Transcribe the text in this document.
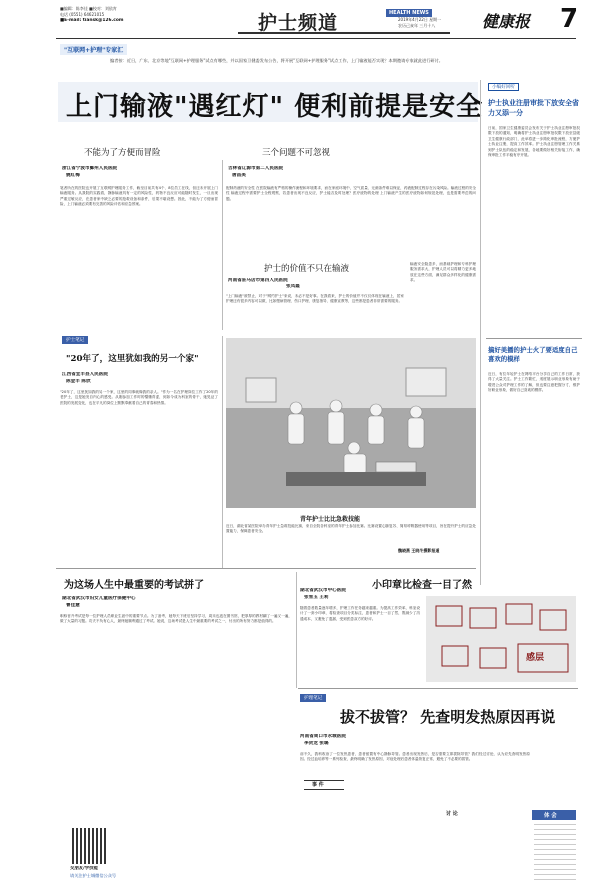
■编辑：陈李佳 ■校对：刘依宵
电话 (0551) 64621015
■E-mail: tiansk@126.com	护士频道	HEALTH NEWS
2019年4月22日 星期一
农历己亥年 三月十八	健康报 7
"互联网+护理"专家汇
编者按：近日，广东、北京等地"互联网+护理服务"试点有哪些，并以国家卫健委发布公告，将开展"互联网+护理服务"试点工作，上门输液能否实现？本期邀请专家就此进行研讨。
上门输液"遇红灯" 便利前提是安全
小编好回听
护士执业注册审批下放安全省力又添一分
日前，国家卫生健康委员会发布关于护士执业注册审批权限下放的通知，明确将护士执业注册审批权限下放至县级卫生健康行政部门，此举将进一步简化审批流程，方便护士执业注册，提高工作效率。护士执业注册管理工作关系到护士队伍的稳定和发展，各地要做好相关衔接工作，确保审批工作平稳有序开展。
搞好美播的护士火了要适度自己喜欢的模样
近日，有位年轻护士在网络平台分享自己的工作日常，获得了大量关注。护士工作繁忙，适度展示职业形象有助于增进公众对护理工作的了解，但也要注意把握分寸，维护好职业形象，做好自己喜欢的模样。
不能为了方便而冒险
浙江省宁波市鄞州人民医院
姚红梅
笔者所在的医院也开展了互联网护理服务工作，截至目前共有4个、8位员工在线，但还未开展上门输液服务。从我院的实践看，静脉输液具有一定的风险性，药物不良反应可能随时发生，一旦出现严重过敏反应，在患者家中缺乏必要的抢救设备和条件，后果不堪设想。因此，不能为了方便而冒险，上门输液必须要有完善的风险评估和应急预案。
三个问题不可忽视
吉林省辽源市第二人民医院
唐昌美
配制药液的安全性 在医院输液有严格的操作流程和环境要求，而在家庭环境中，空气质量、无菌条件难以保证，药液配制过程存在污染风险。输液过程的安全性 输液过程中需要护士全程观察，若患者出现不良反应，护士能否及时处理？医疗废物的处理 上门输液产生的医疗废物如何规范处理，也是需要考虑的问题。
护士的价值不只在输液
河南省驻马店市第四人民医院
张凤霞
"上门输液"被禁止，对于"网约护士"来说，未必不是好事。在我看来，护士的价值并不仅仅体现在输液上，居家护理还有很多内容可以做，比如慢病管理、伤口护理、康复指导、健康宣教等，这些都是患者非常需要的服务。
输液安全隐患多，而基础护理和专科护理服务需求大，护理人员可以将精力更多地放在这些方面，满足群众多样化的健康需求。
青年护士比比急救技能
近日，湖北省某医院举办青年护士急救技能比赛，来自全院各科室的青年护士参加比赛。比赛设置心肺复苏、简易呼吸器使用等项目，旨在提升护士的应急处置能力，保障患者安全。
魏晓燕 王晓冬摄影报道
护士笔记
"20年了，这里犹如我的另一个家"
江西省宜丰县人民医院
陈金丰 陈欣
"20年了，这里犹如我的另一个家，这里的同事就像我的亲人。"作为一名在护理岗位工作了20年的老护士，这是她发自内心的感受。从刚参加工作时的懵懂青涩，到如今成为科室的骨干，她见证了医院的发展变化，也在平凡的岗位上默默奉献着自己的青春和热情。
为这场人生中最重要的考试拼了
湖北省武汉市妇女儿童医疗保健中心
曹佳慧
职称晋升考试是每一位护理人员职业生涯中的重要节点。为了备考，她每天下班后坚持学习，周末也泡在图书馆，把厚厚的教材翻了一遍又一遍，做了大量的习题。功夫不负有心人，最终她顺利通过了考试。她说，这场考试是人生中最重要的考试之一，付出的所有努力都是值得的。
交朋友/学技能
请关注护士城微信公众号
小印章比检查一目了然
湖北省武汉市中心医院
张雪玉 王莉
随着患者数量逐年增多，护理工作任务越来越重。为提高工作效率，科室设计了一套小印章，将检查项目分类标注，患者和护士一目了然，既减少了沟通成本，又避免了遗漏，受到医患双方的好评。
感层
护理笔记
拔不拔管？ 先查明发热原因再说
河南省周口市永城医院
李贺龙 张璐
事 件
前不久，我科收治了一位发热患者，患者留置有中心静脉导管。患者出现发热后，是否需要立即拔除导管？我们经过讨论，认为应先查明发热原因。经过血培养等一系列检查，最终明确了发热原因，对症处理后患者体温恢复正常，避免了不必要的拔管。
讨 论	体 会
